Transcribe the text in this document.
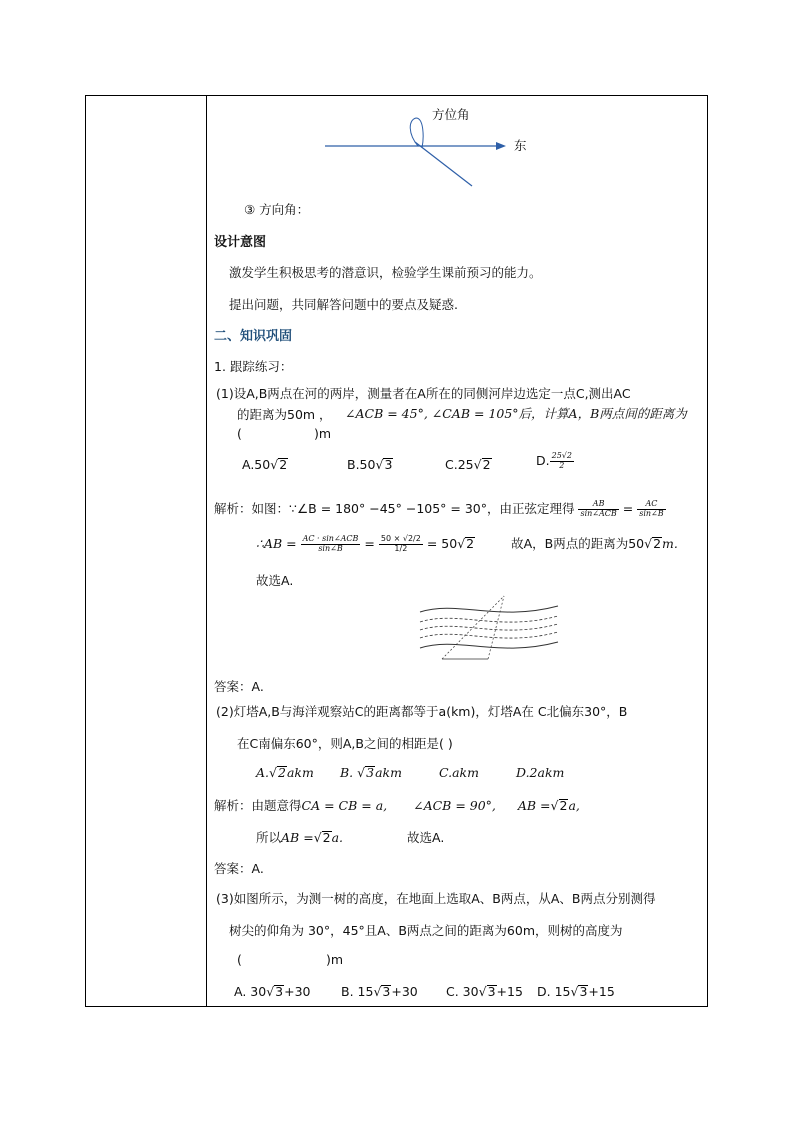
方位角
东
③ 方向角：
设计意图
激发学生积极思考的潜意识，检验学生课前预习的能力。
提出问题，共同解答问题中的要点及疑惑.
二、知识巩固
1. 跟踪练习：
(1)设A,B两点在河的两岸，测量者在A所在的同侧河岸边选定一点C,测出AC
的距离为50m ， ∠ACB = 45°, ∠CAB = 105°后，计算A，B两点间的距离为
(	)m
A.50√2	B.50√3	C.25√2	D. $\frac{25√2}{2}$
解析：如图：∵∠B = 180° −45° −105° = 30°，由正弦定理得 $\frac{AB}{\text{sin∠ACB}} = \frac{AC}{\sin\angle B}$
∴AB = $\frac{\text{AC · sin∠ACB}}{\sin\angle B} = \frac{50 \times √2/2}{1/2} = 50√2$	故A，B两点的距离为50√2m.
故选A.
答案：A.
(2)灯塔A,B与海洋观察站C的距离都等于a(km)，灯塔A在 C北偏东30°，B
在C南偏东60°，则A,B之间的相距是( )
A.√2akm B. √3akm	C.akm	D.2akm
解析：由题意得CA = CB = a, ∠ACB = 90°, AB =√2a,
所以AB =√2a.	故选A.
答案：A.
(3)如图所示，为测一树的高度，在地面上选取A、B两点，从A、B两点分别测得
树尖的仰角为 30°，45°且A、B两点之间的距离为60m，则树的高度为
(	)m
A. 30√3+30 B. 15√3+30 C. 30√3+15 D. 15√3+15
